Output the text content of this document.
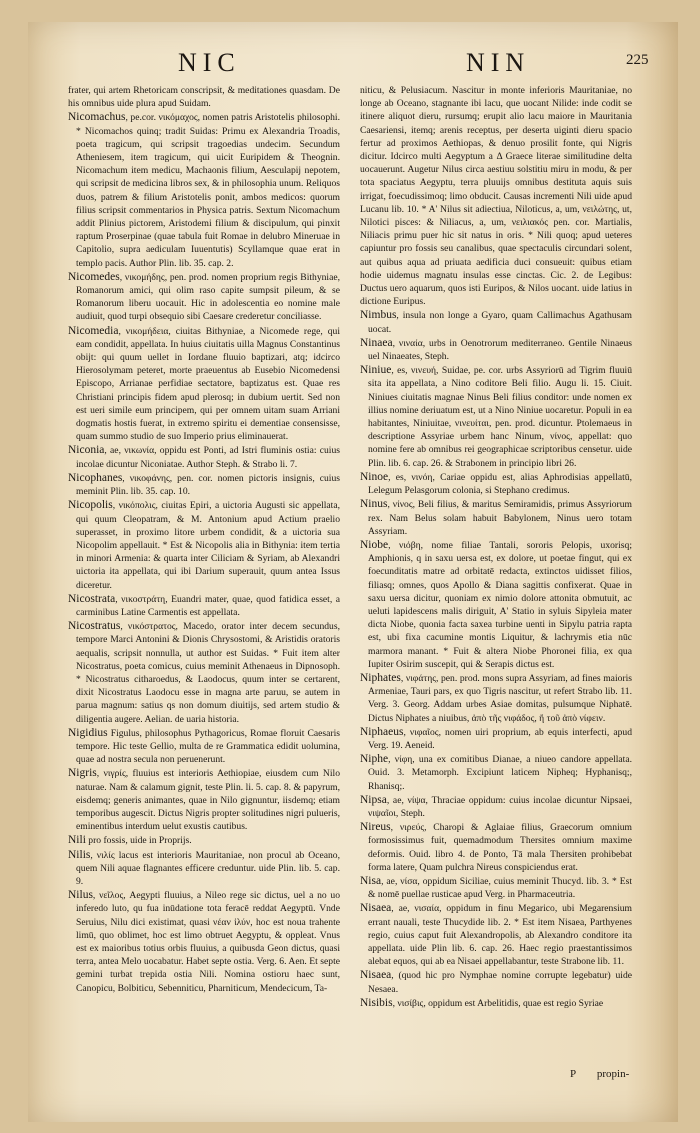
NIC	NIN	225

frater, qui artem Rhetoricam conscripsit, & meditationes quasdam. De his omnibus uide plura apud Suidam.

Nicomachus, pe.cor. νικόμαχος, nomen patris Aristotelis philosophi. * Nicomachos quinq; tradit Suidas: Primu ex Alexandria Troadis, poeta tragicum, qui scripsit tragoedias undecim. Secundum Atheniesem, item tragicum, qui uicit Euripidem & Theognin. Nicomachum item medicu, Machaonis filium, Aesculapij nepotem, qui scripsit de medicina libros sex, & in philosophia unum. Reliquos duos, patrem & filium Aristotelis ponit, ambos medicos: quorum filius scripsit commentarios in Physica patris. Sextum Nicomachum addit Plinius pictorem, Aristodemi filium & discipulum, qui pinxit raptum Proserpinae (quae tabula fuit Romae in delubro Mineruae in Capitolio, supra aediculam Iuuentutis) Scyllamque quae erat in templo pacis. Author Plin. lib. 35. cap. 2.

Nicomedes, νικομήδης, pen. prod. nomen proprium regis Bithyniae, Romanorum amici, qui olim raso capite sumpsit pileum, & se Romanorum liberu uocauit. Hic in adolescentia eo nomine male audiuit, quod turpi obsequio sibi Caesare crederetur conciliasse.

Nicomedia, νικομήδεια, ciuitas Bithyniae, a Nicomede rege, qui eam condidit, appellata. In huius ciuitatis uilla Magnus Constantinus obijt: qui quum uellet in Iordane fluuio baptizari, atq; idcirco Hierosolymam peteret, morte praeuentus ab Eusebio Nicomedensi Episcopo, Arrianae perfidiae sectatore, baptizatus est. Quae res Christiani principis fidem apud plerosq; in dubium uertit. Sed non est ueri simile eum principem, qui per omnem uitam suam Arriani dogmatis hostis fuerat, in extremo spiritu ei dementiae consensisse, quam summo studio de suo Imperio prius eliminauerat.

Niconia, ae, νικωνία, oppidu est Ponti, ad Istri fluminis ostia: cuius incolae dicuntur Niconiatae. Author Steph. & Strabo li. 7.

Nicophanes, νικοφάνης, pen. cor. nomen pictoris insignis, cuius meminit Plin. lib. 35. cap. 10.

Nicopolis, νικόπολις, ciuitas Epiri, a uictoria Augusti sic appellata, qui quum Cleopatram, & M. Antonium apud Actium praelio superasset, in proximo litore urbem condidit, & a uictoria sua Nicopolim appellauit. * Est & Nicopolis alia in Bithynia: item tertia in minori Armenia: & quarta inter Ciliciam & Syriam, ab Alexandri uictoria ita appellata, qui ibi Darium superauit, quum antea Issus diceretur.

Nicostrata, νικοστράτη, Euandri mater, quae, quod fatidica esset, a carminibus Latine Carmentis est appellata.

Nicostratus, νικόστρατος, Macedo, orator inter decem secundus, tempore Marci Antonini & Dionis Chrysostomi, & Aristidis oratoris aequalis, scripsit nonnulla, ut author est Suidas. * Fuit item alter Nicostratus, poeta comicus, cuius meminit Athenaeus in Dipnosoph. * Nicostratus citharoedus, & Laodocus, quum inter se certarent, dixit Nicostratus Laodocu esse in magna arte paruu, se autem in parua magnum: satius qs non domum diuitijs, sed artem studio & diligentia augere. Aelian. de uaria historia.

Nigidius Figulus, philosophus Pythagoricus, Romae floruit Caesaris tempore. Hic teste Gellio, multa de re Grammatica edidit uolumina, quae ad nostra secula non peruenerunt.

Nigris, νιγρίς, fluuius est interioris Aethiopiae, eiusdem cum Nilo naturae. Nam & calamum gignit, teste Plin. li. 5. cap. 8. & papyrum, eisdemq; generis animantes, quae in Nilo gignuntur, iisdemq; etiam temporibus augescit. Dictus Nigris propter solitudines nigri pulueris, eminentibus interdum uelut exustis cautibus.

Nili pro fossis, uide in Proprijs.

Nilis, νιλίς lacus est interioris Mauritaniae, non procul ab Oceano, quem Nili aquae flagnantes efficere creduntur. uide Plin. lib. 5. cap. 9.

Nilus, νεῖλος, Aegypti fluuius, a Nileo rege sic dictus, uel a no uo inferedo luto, qu fua inūdatione tota feracē reddat Aegyptū. Vnde Seruius, Nilu dici existimat, quasi νέαν ἰλύν, hoc est noua trahente limū, quo oblimet, hoc est limo obtruet Aegyptu, & oppleat. Vnus est ex maioribus totius orbis fluuius, a quibusda Geon dictus, quasi terra, antea Melo uocabatur. Habet septe ostia. Verg. 6. Aen. Et septe gemini turbat trepida ostia Nili. Nomina ostioru haec sunt, Canopicu, Bolbiticu, Sebenniticu, Pharniticum, Mendecicum, Ta-

niticu, & Pelusiacum. Nascitur in monte inferioris Mauritaniae, no longe ab Oceano, stagnante ibi lacu, que uocant Nilide: inde codit se itinere aliquot dieru, rursumq; erupit alio lacu maiore in Mauritania Caesariensi, itemq; arenis receptus, per deserta uiginti dieru spacio fertur ad proximos Aethiopas, & denuo prosilit fonte, qui Nigris dicitur. Idcirco multi Aegyptum a Δ Graece literae similitudine delta uocauerunt. Augetur Nilus circa aestiuu solstitiu miru in modu, & per tota spaciatus Aegyptu, terra pluuijs omnibus destituta aquis suis irrigat, foecudissimoq; limo obducit. Causas incrementi Nili uide apud Lucanu lib. 10. * A' Nilus sit adiectiua, Niloticus, a, um, νειλώτης, ut, Nilotici pisces: & Niliacus, a, um, νειλιακός pen. cor. Martialis, Niliacis primu puer hic sit natus in oris. * Nili quoq; apud ueteres capiuntur pro fossis seu canalibus, quae spectaculis circundari solent, aut quibus aqua ad priuata aedificia duci consueuit: quibus etiam hodie uidemus magnatu insulas esse cinctas. Cic. 2. de Legibus: Ductus uero aquarum, quos isti Euripos, & Nilos uocant. uide latius in dictione Euripus.

Nimbus, insula non longe a Gyaro, quam Callimachus Agathusam uocat.

Ninaea, νιναία, urbs in Oenotrorum mediterraneo. Gentile Ninaeus uel Ninaeates, Steph.

Niniue, es, νινευή, Suidae, pe. cor. urbs Assyriorū ad Tigrim fluuiū sita ita appellata, a Nino coditore Beli filio. Augu li. 15. Ciuit. Niniues ciuitatis magnae Ninus Beli filius conditor: unde nomen ex illius nomine deriuatum est, ut a Nino Niniue uocaretur. Populi in ea habitantes, Niniuitae, νινευίται, pen. prod. dicuntur. Ptolemaeus in descriptione Assyriae urbem hanc Ninum, νίνος, appellat: quo nomine fere ab omnibus rei geographicae scriptoribus censetur. uide Plin. lib. 6. cap. 26. & Strabonem in principio libri 26.

Ninoe, es, νινόη, Cariae oppidu est, alias Aphrodisias appellatū, Lelegum Pelasgorum colonia, si Stephano credimus.

Ninus, νίνος, Beli filius, & maritus Semiramidis, primus Assyriorum rex. Nam Belus solam habuit Babylonem, Ninus uero totam Assyriam.

Niobe, νιόβη, nome filiae Tantali, sororis Pelopis, uxorisq; Amphionis, q in saxu uersa est, ex dolore, ut poetae fingut, qui ex foecunditatis matre ad orbitatē redacta, extinctos uidisset filios, filiasq; omnes, quos Apollo & Diana sagittis confixerat. Quae in saxu uersa dicitur, quoniam ex nimio dolore attonita obmutuit, ac ueluti lapidescens malis diriguit, A' Statio in syluis Sipyleia mater dicta Niobe, quonia facta saxea turbine uenti in Sipylu patria rapta est, ubi fixa cacumine montis Liquitur, & lachrymis etia nūc marmora manant. * Fuit & altera Niobe Phoronei filia, ex qua Iupiter Osirim suscepit, qui & Serapis dictus est.

Niphates, νιφάτης, pen. prod. mons supra Assyriam, ad fines maioris Armeniae, Tauri pars, ex quo Tigris nascitur, ut refert Strabo lib. 11. Verg. 3. Georg. Addam urbes Asiae domitas, pulsumque Niphatē. Dictus Niphates a niuibus, ἀπὸ τῆς νιφάδος, ἤ τοῦ ἀπὸ νίφειν.

Niphaeus, νιφαῖος, nomen uiri proprium, ab equis interfecti, apud Verg. 19. Aeneid.

Niphe, νίφη, una ex comitibus Dianae, a niueo candore appellata. Ouid. 3. Metamorph. Excipiunt laticem Nipheq; Hyphanisq;, Rhanisq;.

Nipsa, ae, νίψα, Thraciae oppidum: cuius incolae dicuntur Nipsaei, νιψαῖοι, Steph.

Nireus, νιρεύς, Charopi & Aglaiae filius, Graecorum omnium formosissimus fuit, quemadmodum Thersites omnium maxime deformis. Ouid. libro 4. de Ponto, Tā mala Thersiten prohibebat forma latere, Quam pulchra Nireus conspiciendus erat.

Nisa, ae, νίσα, oppidum Siciliae, cuius meminit Thucyd. lib. 3. * Est & nomē puellae rusticae apud Verg. in Pharmaceutria.

Nisaea, ae, νισαία, oppidum in finu Megarico, ubi Megarensium errant nauali, teste Thucydide lib. 2. * Est item Nisaea, Parthyenes regio, cuius caput fuit Alexandropolis, ab Alexandro conditore ita appellata. uide Plin lib. 6. cap. 26. Haec regio praestantissimos alebat equos, qui ab ea Nisaei appellabantur, teste Strabone lib. 11.

Nisaea, (quod hic pro Nymphae nomine corrupte legebatur) uide Nesaea.

Nisibis, νισίβις, oppidum est Arbelitidis, quae est regio Syriae

P propin-
